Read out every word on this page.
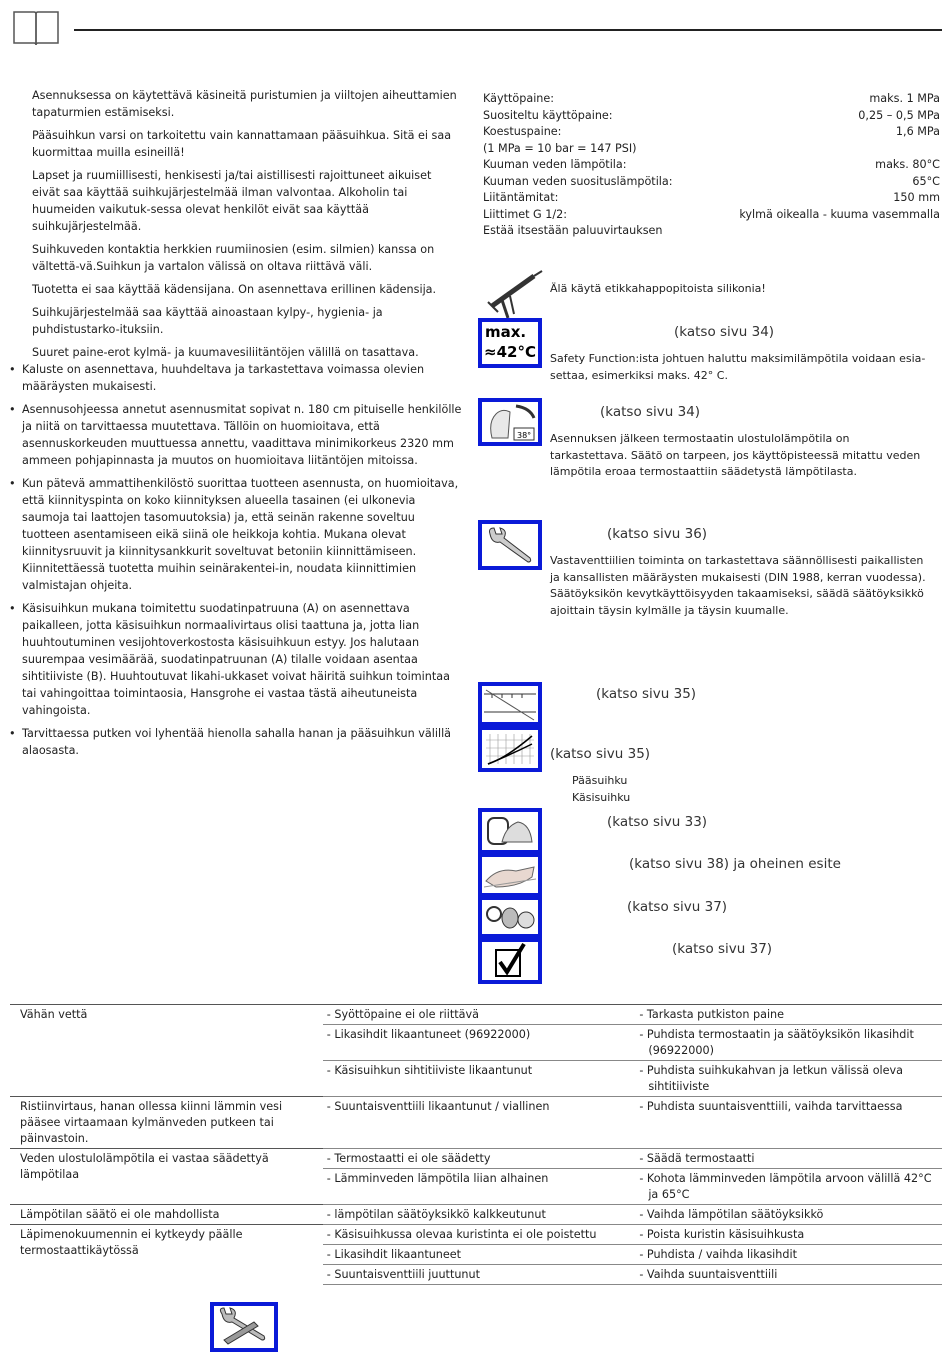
Asennuksessa on käytettävä käsineitä puristumien ja viiltojen aiheuttamien tapaturmien estämiseksi.

Pääsuihkun varsi on tarkoitettu vain kannattamaan pääsuihkua. Sitä ei saa kuormittaa muilla esineillä!

Lapset ja ruumiillisesti, henkisesti ja/tai aistillisesti rajoittuneet aikuiset eivät saa käyttää suihkujärjestelmää ilman valvontaa. Alkoholin tai huumeiden vaikutuk-sessa olevat henkilöt eivät saa käyttää suihkujärjestelmää.

Suihkuveden kontaktia herkkien ruumiinosien (esim. silmien) kanssa on vältettä-vä.Suihkun ja vartalon välissä on oltava riittävä väli.

Tuotetta ei saa käyttää kädensijana. On asennettava erillinen kädensija.

Suihkujärjestelmää saa käyttää ainoastaan kylpy-, hygienia- ja puhdistustarko-ituksiin.

Suuret paine-erot kylmä- ja kuumavesiliitäntöjen välillä on tasattava.

• Kaluste on asennettava, huuhdeltava ja tarkastettava voimassa olevien määräysten mukaisesti.
• Asennusohjeessa annetut asennusmitat sopivat n. 180 cm pituiselle henkilölle ja niitä on tarvittaessa muutettava. Tällöin on huomioitava, että asennuskorkeuden muuttuessa annettu, vaadittava minimikorkeus 2320 mm ammeen pohjapinnasta ja muutos on huomioitava liitäntöjen mitoissa.
• Kun pätevä ammattihenkilöstö suorittaa tuotteen asennusta, on huomioitava, että kiinnityspinta on koko kiinnityksen alueella tasainen (ei ulkonevia saumoja tai laattojen tasomuutoksia) ja, että seinän rakenne soveltuu tuotteen asentamiseen eikä siinä ole heikkoja kohtia. Mukana olevat kiinnitysruuvit ja kiinnitysankkurit soveltuvat betoniin kiinnittämiseen. Kiinnitettäessä tuotetta muihin seinärakentei-in, noudata kiinnittimien valmistajan ohjeita.
• Käsisuihkun mukana toimitettu suodatinpatruuna (A) on asennettava paikalleen, jotta käsisuihkun normaalivirtaus olisi taattuna ja, jotta lian huuhtoutuminen vesijohtoverkostosta käsisuihkuun estyy. Jos halutaan suurempaa vesimäärää, suodatinpatruunan (A) tilalle voidaan asentaa sihtitiiviste (B). Huuhtoutuvat likahi-ukkaset voivat häiritä suihkun toimintaa tai vahingoittaa toimintaosia, Hansgrohe ei vastaa tästä aiheutuneista vahingoista.
• Tarvittaessa putken voi lyhentää hienolla sahalla hanan ja pääsuihkun välillä alaosasta.
Käyttöpaine:	maks. 1 MPa
Suositeltu käyttöpaine:	0,25 – 0,5 MPa
Koestuspaine:	1,6 MPa
(1 MPa = 10 bar = 147 PSI)
Kuuman veden lämpötila:	maks. 80°C
Kuuman veden suosituslämpötila:	65°C
Liitäntämitat:	150 mm
Liittimet G 1/2:	kylmä oikealla - kuuma vasemmalla
Estää itsestään paluuvirtauksen
Älä käytä etikkahappopitoista silikonia!
max.
≈42°C
(katso sivu 34)
Safety Function:ista johtuen haluttu maksimilämpötila voidaan esia-settaa, esimerkiksi maks. 42° C.
38°
(katso sivu 34)
Asennuksen jälkeen termostaatin ulostulolämpötila on tarkastettava. Säätö on tarpeen, jos käyttöpisteessä mitattu veden lämpötila eroaa termostaattiin säädetystä lämpötilasta.
(katso sivu 36)
Vastaventtiilien toiminta on tarkastettava säännöllisesti paikallisten ja kansallisten määräysten mukaisesti (DIN 1988, kerran vuodessa). Säätöyksikön kevytkäyttöisyyden takaamiseksi, säädä säätöyksikkö ajoittain täysin kylmälle ja täysin kuumalle.
(katso sivu 35)
(katso sivu 35)
Pääsuihku
Käsisuihku
(katso sivu 33)
(katso sivu 38) ja oheinen esite
(katso sivu 37)
(katso sivu 37)
Vähän vettä	- Syöttöpaine ei ole riittävä	- Tarkasta putkiston paine

	- Likasihdit likaantuneet (96922000)	- Puhdista termostaatin ja säätöyksikön likasihdit (96922000)

	- Käsisuihkun sihtitiiviste likaantunut	- Puhdista suihkukahvan ja letkun välissä oleva sihtitiiviste

Ristiinvirtaus, hanan ollessa kiinni lämmin vesi pääsee virtaamaan kylmänveden putkeen tai päinvastoin.	- Suuntaisventtiili likaantunut / viallinen	- Puhdista suuntaisventtiili, vaihda tarvittaessa

Veden ulostulolämpötila ei vastaa säädettyä lämpötilaa	- Termostaatti ei ole säädetty	- Säädä termostaatti

	- Lämminveden lämpötila liian alhainen	- Kohota lämminveden lämpötila arvoon välillä 42°C ja 65°C

Lämpötilan säätö ei ole mahdollista	- lämpötilan säätöyksikkö kalkkeutunut	- Vaihda lämpötilan säätöyksikkö

Läpimenokuumennin ei kytkeydy päälle termostaattikäytössä	- Käsisuihkussa olevaa kuristinta ei ole poistettu	- Poista kuristin käsisuihkusta

	- Likasihdit likaantuneet	- Puhdista / vaihda likasihdit

	- Suuntaisventtiili juuttunut	- Vaihda suuntaisventtiili
